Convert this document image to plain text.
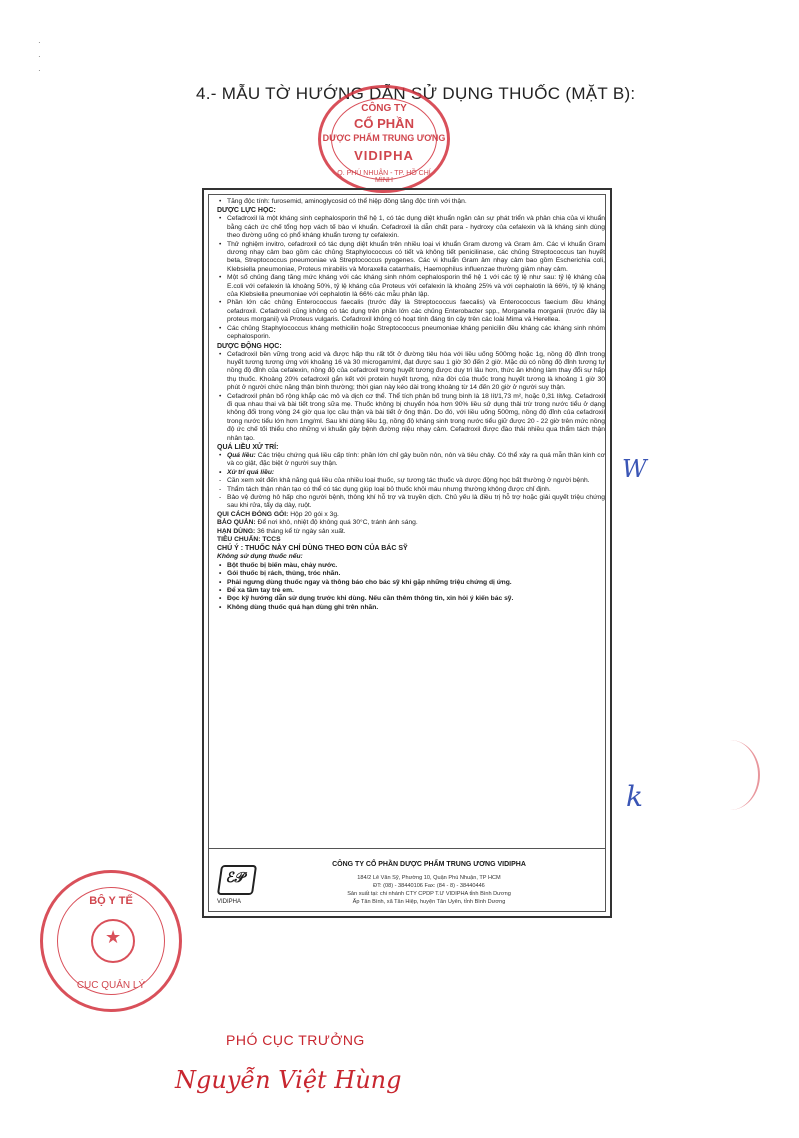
·
·
·
4.- MẪU TỜ HƯỚNG DẪN SỬ DỤNG THUỐC (MẶT B):
CÔNG TY
CỔ PHẦN
DƯỢC PHẨM TRUNG ƯƠNG
VIDIPHA
Q. PHÚ NHUẬN - TP. HỒ CHÍ MINH
• Tăng độc tính: furosemid, aminoglycosid có thể hiệp đồng tăng độc tính với thận.
DƯỢC LỰC HỌC:
• Cefadroxil là một kháng sinh cephalosporin thế hệ 1, có tác dụng diệt khuẩn ngăn cản sự phát triển và phân chia của vi khuẩn bằng cách ức chế tổng hợp vách tế bào vi khuẩn. Cefadroxil là dẫn chất para - hydroxy của cefalexin và là kháng sinh dùng theo đường uống có phổ kháng khuẩn tương tự cefalexin.
• Thử nghiệm invitro, cefadroxil có tác dụng diệt khuẩn trên nhiều loại vi khuẩn Gram dương và Gram âm. Các vi khuẩn Gram dương nhạy cảm bao gồm các chủng Staphylococcus có tiết và không tiết penicilinase, các chủng Streptococcus tan huyết beta, Streptococcus pneumoniae và Streptococcus pyogenes. Các vi khuẩn Gram âm nhạy cảm bao gồm Escherichia coli, Klebsiella pneumoniae, Proteus mirabilis và Moraxella catarrhalis, Haemophilus influenzae thường giảm nhạy cảm.
• Một số chủng đang tăng mức kháng với các kháng sinh nhóm cephalosporin thế hệ 1 với các tỷ lệ như sau: tỷ lệ kháng của E.coli với cefalexin là khoảng 50%, tỷ lệ kháng của Proteus với cefalexin là khoảng 25% và với cephalotin là 66%, tỷ lệ kháng của Klebsiella pneumoniae với cephalotin là 66% các mẫu phân lập.
• Phần lớn các chủng Enterococcus faecalis (trước đây là Streptococcus faecalis) và Enterococcus faecium đều kháng cefadroxil. Cefadroxil cũng không có tác dụng trên phần lớn các chủng Enterobacter spp., Morganella morganii (trước đây là proteus morganii) và Proteus vulgaris. Cefadroxil không có hoạt tính đáng tin cậy trên các loài Mima và Herellea.
• Các chủng Staphylococcus kháng methicilin hoặc Streptococcus pneumoniae kháng penicilin đều kháng các kháng sinh nhóm cephalosporin.
DƯỢC ĐỘNG HỌC:
• Cefadroxil bền vững trong acid và được hấp thu rất tốt ở đường tiêu hóa với liều uống 500mg hoặc 1g, nồng độ đỉnh trong huyết tương tương ứng với khoảng 16 và 30 microgam/ml, đạt được sau 1 giờ 30 đến 2 giờ. Mặc dù có nồng độ đỉnh tương tự nồng độ đỉnh của cefalexin, nồng độ của cefadroxil trong huyết tương được duy trì lâu hơn, thức ăn không làm thay đổi sự hấp thụ thuốc. Khoảng 20% cefadroxil gắn kết với protein huyết tương, nửa đời của thuốc trong huyết tương là khoảng 1 giờ 30 phút ở người chức năng thận bình thường; thời gian này kéo dài trong khoảng từ 14 đến 20 giờ ở người suy thận.
• Cefadroxil phân bố rộng khắp các mô và dịch cơ thể. Thể tích phân bố trung bình là 18 lít/1,73 m², hoặc 0,31 lít/kg. Cefadroxil đi qua nhau thai và bài tiết trong sữa mẹ. Thuốc không bị chuyển hóa hơn 90% liều sử dụng thải trừ trong nước tiểu ở dạng không đổi trong vòng 24 giờ qua lọc cầu thận và bài tiết ở ống thận. Do đó, với liều uống 500mg, nồng độ đỉnh của cefadroxil trong nước tiểu lớn hơn 1mg/ml. Sau khi dùng liều 1g, nồng độ kháng sinh trong nước tiểu giữ được 20 - 22 giờ trên mức nồng độ ức chế tối thiểu cho những vi khuẩn gây bệnh đường niệu nhạy cảm. Cefadroxil được đào thải nhiều qua thẩm tách thận nhân tạo.
QUÁ LIỀU XỬ TRÍ:
• Quá liều: Các triệu chứng quá liều cấp tính: phần lớn chỉ gây buồn nôn, nôn và tiêu chảy. Có thể xảy ra quá mẫn thần kinh cơ và co giật, đặc biệt ở người suy thận.
• Xử trí quá liều:
- Cần xem xét đến khả năng quá liều của nhiều loại thuốc, sự tương tác thuốc và dược động học bất thường ở người bệnh.
- Thẩm tách thận nhân tạo có thể có tác dụng giúp loại bỏ thuốc khỏi máu nhưng thường không được chỉ định.
- Bảo vệ đường hô hấp cho người bệnh, thông khí hỗ trợ và truyền dịch. Chủ yếu là điều trị hỗ trợ hoặc giải quyết triệu chứng sau khi rửa, tẩy dạ dày, ruột.
QUI CÁCH ĐÓNG GÓI: Hộp 20 gói x 3g.
BẢO QUẢN: Để nơi khô, nhiệt độ không quá 30°C, tránh ánh sáng.
HẠN DÙNG: 36 tháng kể từ ngày sản xuất.
TIÊU CHUẨN: TCCS
CHÚ Ý : THUỐC NÀY CHỈ DÙNG THEO ĐƠN CỦA BÁC SỸ
Không sử dụng thuốc nếu:
• Bột thuốc bị biến màu, chảy nước.
• Gói thuốc bị rách, thủng, tróc nhãn.
• Phải ngưng dùng thuốc ngay và thông báo cho bác sỹ khi gặp những triệu chứng dị ứng.
• Để xa tầm tay trẻ em.
• Đọc kỹ hướng dẫn sử dụng trước khi dùng. Nếu cần thêm thông tin, xin hỏi ý kiến bác sỹ.
• Không dùng thuốc quá hạn dùng ghi trên nhãn.
ℰ𝒫
VIDIPHA
CÔNG TY CỔ PHẦN DƯỢC PHẨM TRUNG ƯƠNG VIDIPHA
184/2 Lê Văn Sỹ, Phường 10, Quận Phú Nhuận, TP HCM
ĐT: (08) - 38440106 Fax: (84 - 8) - 38440446
Sản xuất tại: chi nhánh CTY CPDP T.Ư VIDIPHA tỉnh Bình Dương
Ấp Tân Bình, xã Tân Hiệp, huyện Tân Uyên, tỉnh Bình Dương
W
k
BỘ Y TẾ
★
CỤC QUẢN LÝ
PHÓ CỤC TRƯỞNG
Nguyễn Việt Hùng
